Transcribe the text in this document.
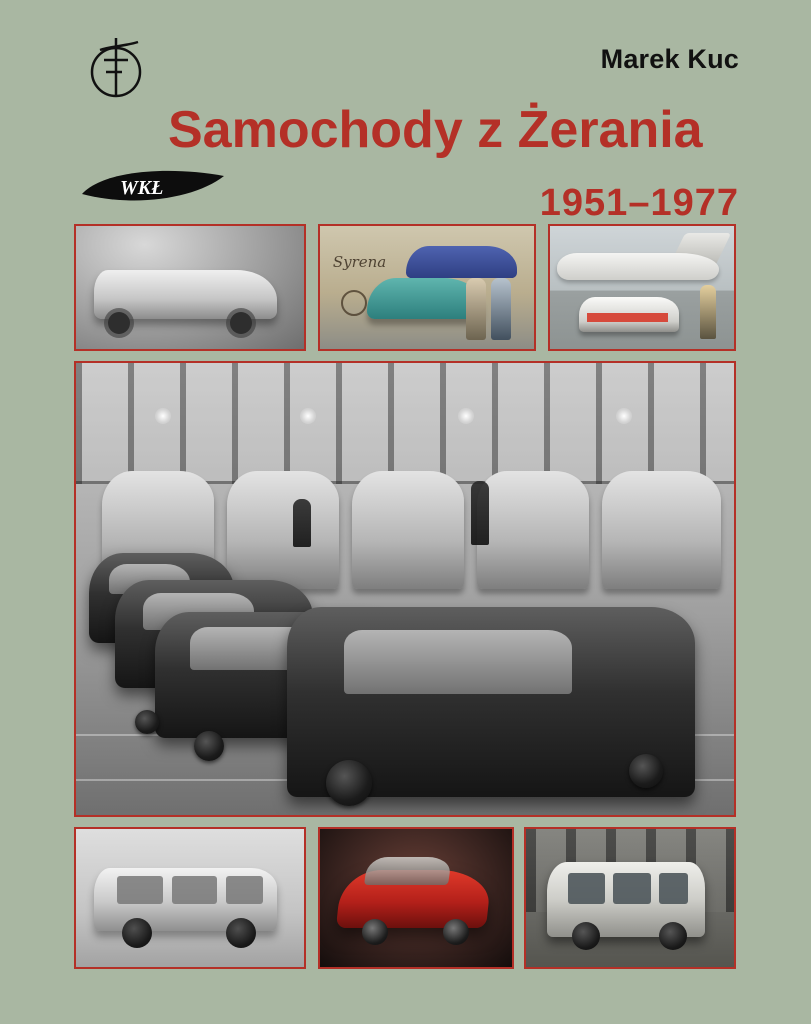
Marek Kuc
Samochody z Żerania
WKŁ	1951–1977
Syrena
